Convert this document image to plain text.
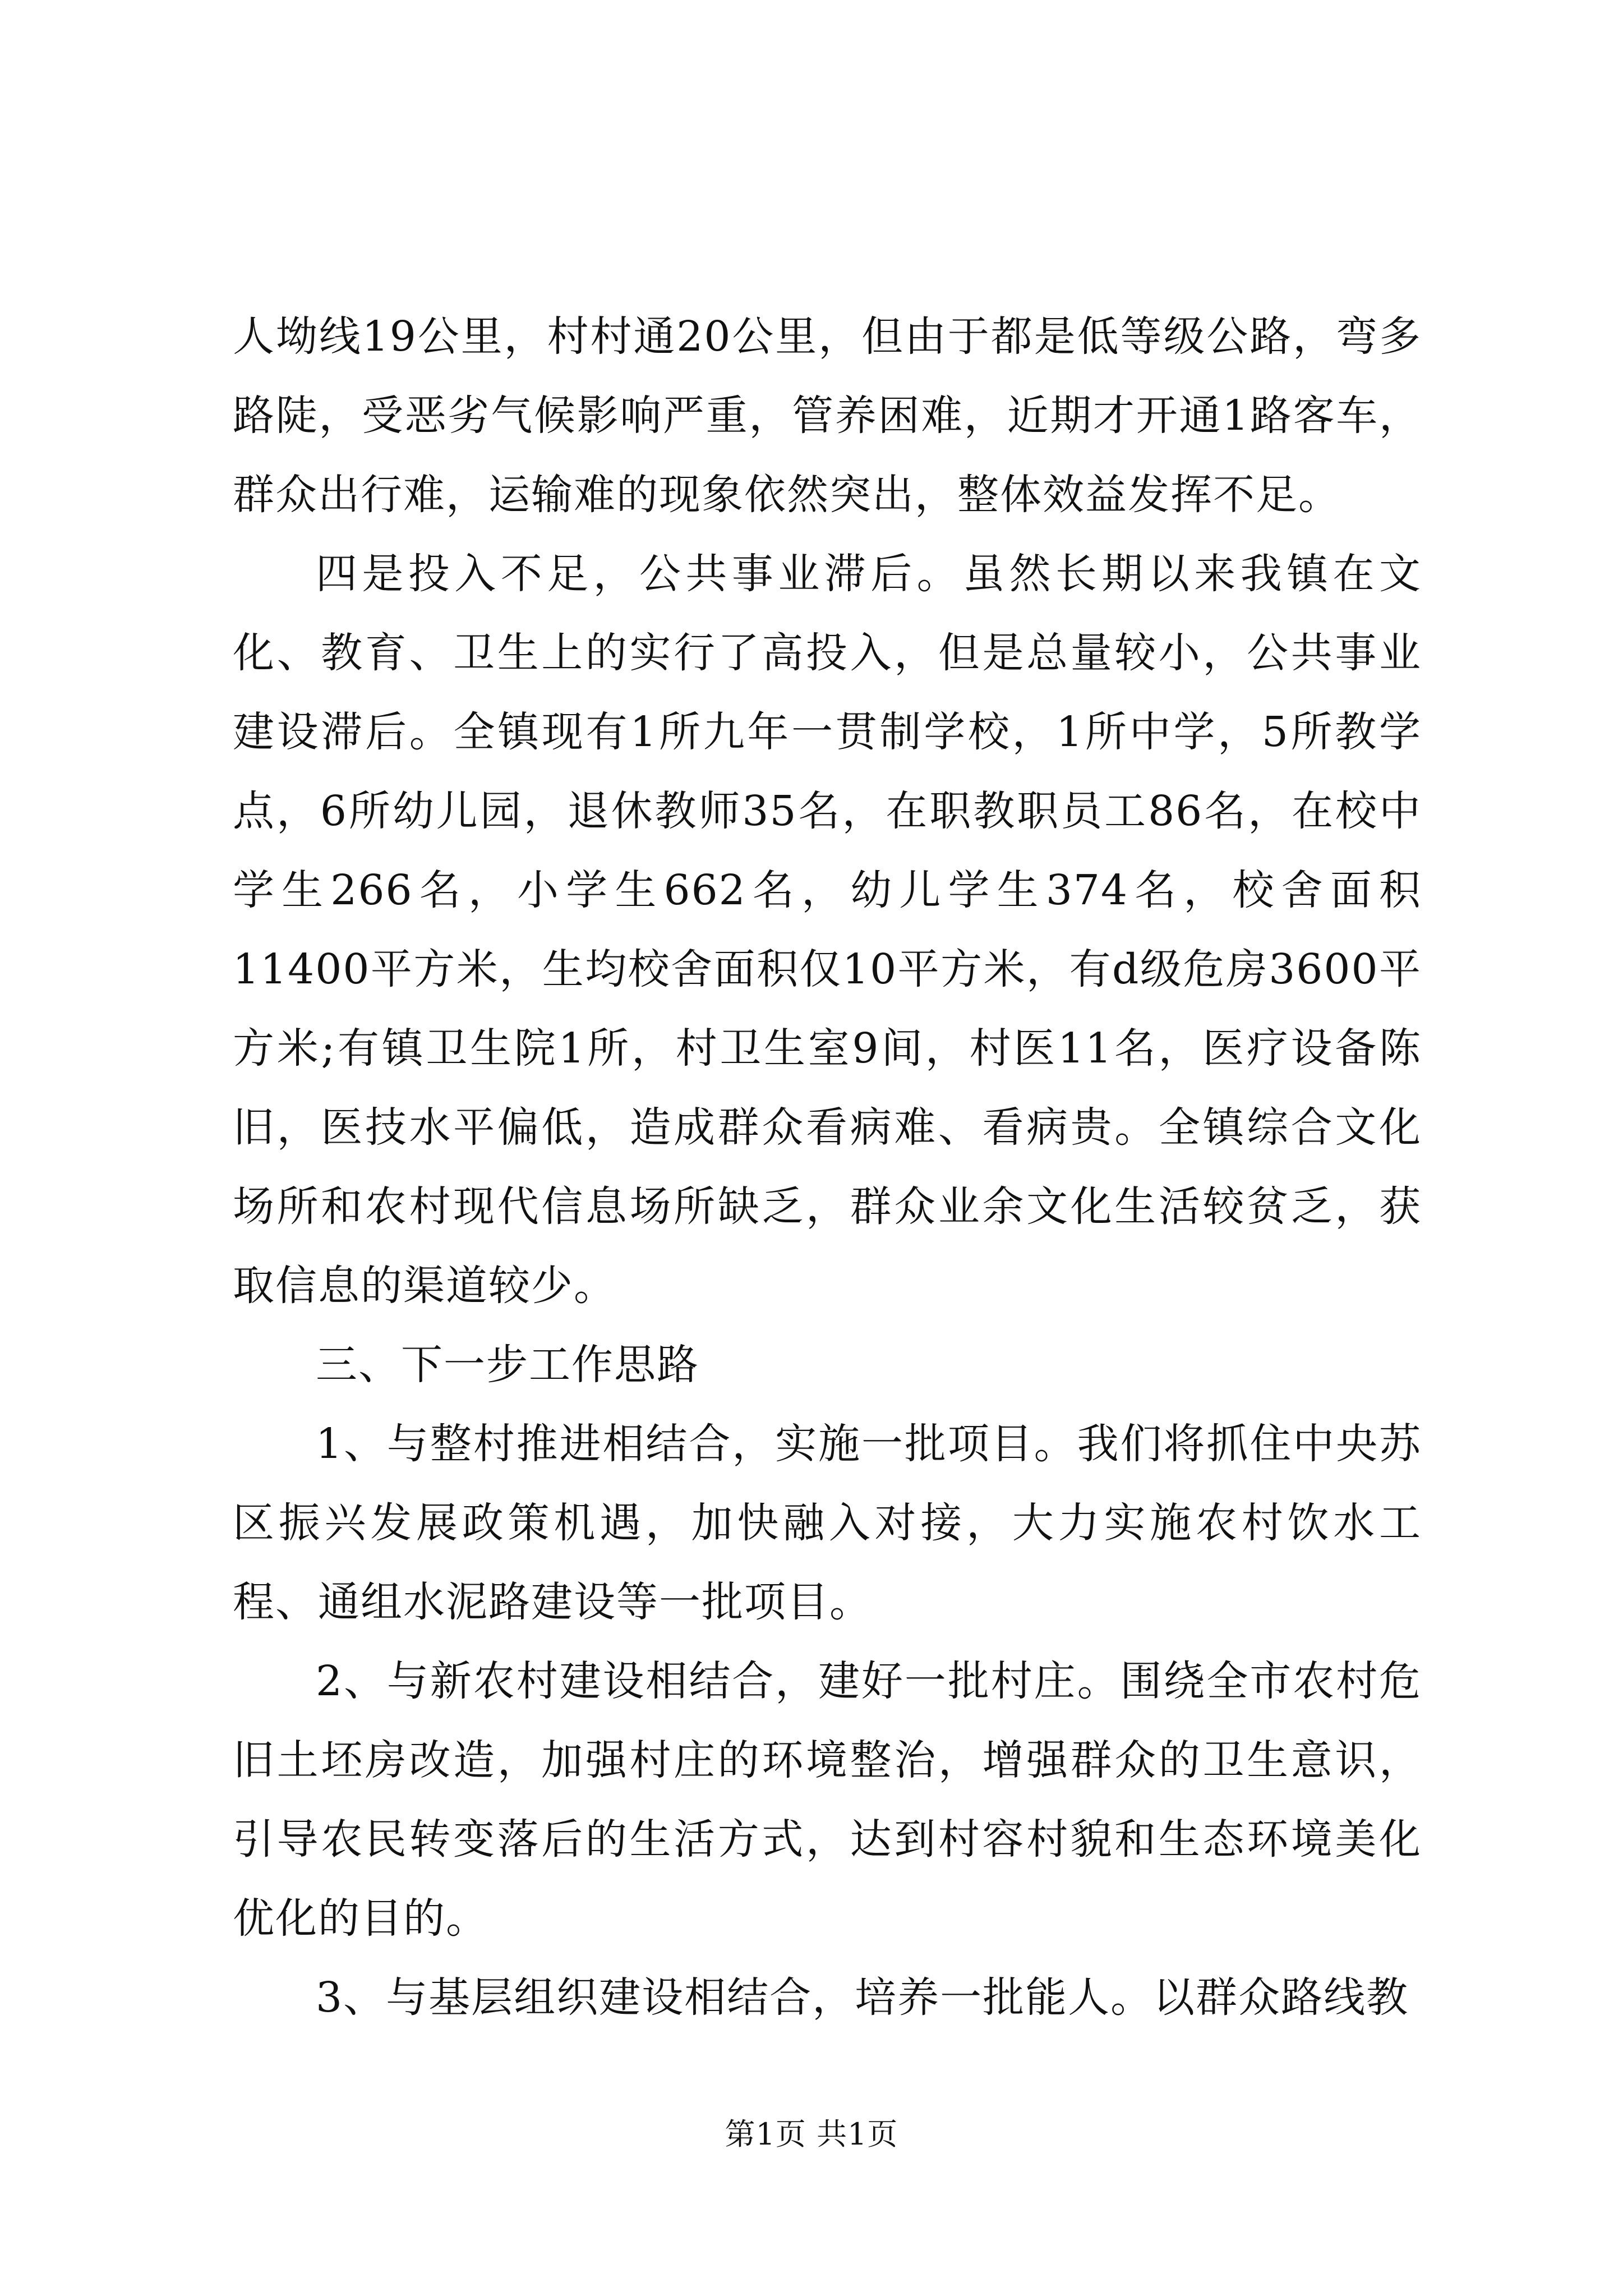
人坳线19公里，村村通20公里，但由于都是低等级公路，弯多路陡，受恶劣气候影响严重，管养困难，近期才开通1路客车，群众出行难，运输难的现象依然突出，整体效益发挥不足。

四是投入不足，公共事业滞后。虽然长期以来我镇在文化、教育、卫生上的实行了高投入，但是总量较小，公共事业建设滞后。全镇现有1所九年一贯制学校，1所中学，5所教学点，6所幼儿园，退休教师35名，在职教职员工86名，在校中学生266名，小学生662名，幼儿学生374名，校舍面积11400平方米，生均校舍面积仅10平方米，有d级危房3600平方米;有镇卫生院1所，村卫生室9间，村医11名，医疗设备陈旧，医技水平偏低，造成群众看病难、看病贵。全镇综合文化场所和农村现代信息场所缺乏，群众业余文化生活较贫乏，获取信息的渠道较少。

三、下一步工作思路

1、与整村推进相结合，实施一批项目。我们将抓住中央苏区振兴发展政策机遇，加快融入对接，大力实施农村饮水工程、通组水泥路建设等一批项目。

2、与新农村建设相结合，建好一批村庄。围绕全市农村危旧土坯房改造，加强村庄的环境整治，增强群众的卫生意识，引导农民转变落后的生活方式，达到村容村貌和生态环境美化优化的目的。

3、与基层组织建设相结合，培养一批能人。以群众路线教

第1页 共1页
